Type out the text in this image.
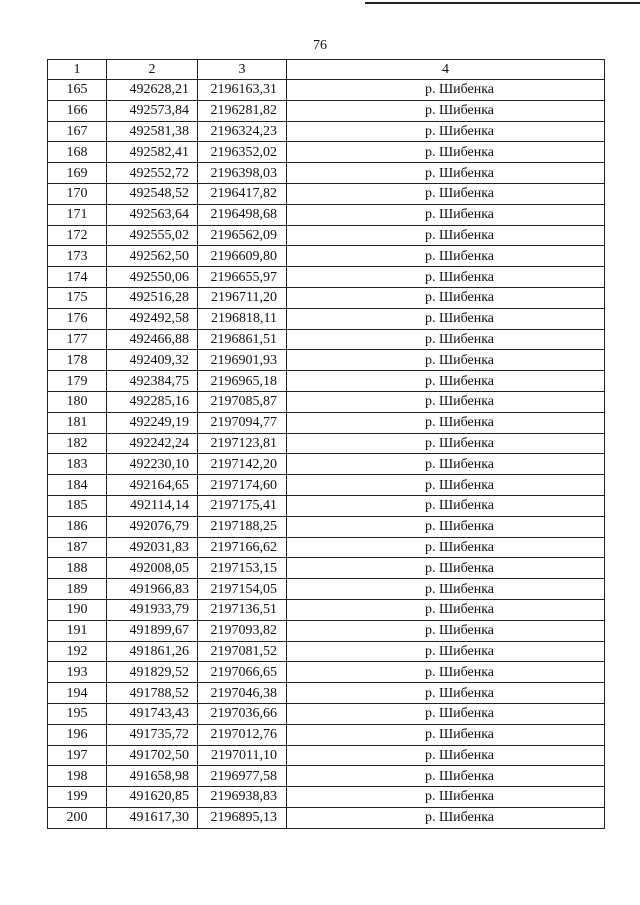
76
1	2	3	4
165	492628,21	2196163,31	р. Шибенка
166	492573,84	2196281,82	р. Шибенка
167	492581,38	2196324,23	р. Шибенка
168	492582,41	2196352,02	р. Шибенка
169	492552,72	2196398,03	р. Шибенка
170	492548,52	2196417,82	р. Шибенка
171	492563,64	2196498,68	р. Шибенка
172	492555,02	2196562,09	р. Шибенка
173	492562,50	2196609,80	р. Шибенка
174	492550,06	2196655,97	р. Шибенка
175	492516,28	2196711,20	р. Шибенка
176	492492,58	2196818,11	р. Шибенка
177	492466,88	2196861,51	р. Шибенка
178	492409,32	2196901,93	р. Шибенка
179	492384,75	2196965,18	р. Шибенка
180	492285,16	2197085,87	р. Шибенка
181	492249,19	2197094,77	р. Шибенка
182	492242,24	2197123,81	р. Шибенка
183	492230,10	2197142,20	р. Шибенка
184	492164,65	2197174,60	р. Шибенка
185	492114,14	2197175,41	р. Шибенка
186	492076,79	2197188,25	р. Шибенка
187	492031,83	2197166,62	р. Шибенка
188	492008,05	2197153,15	р. Шибенка
189	491966,83	2197154,05	р. Шибенка
190	491933,79	2197136,51	р. Шибенка
191	491899,67	2197093,82	р. Шибенка
192	491861,26	2197081,52	р. Шибенка
193	491829,52	2197066,65	р. Шибенка
194	491788,52	2197046,38	р. Шибенка
195	491743,43	2197036,66	р. Шибенка
196	491735,72	2197012,76	р. Шибенка
197	491702,50	2197011,10	р. Шибенка
198	491658,98	2196977,58	р. Шибенка
199	491620,85	2196938,83	р. Шибенка
200	491617,30	2196895,13	р. Шибенка
